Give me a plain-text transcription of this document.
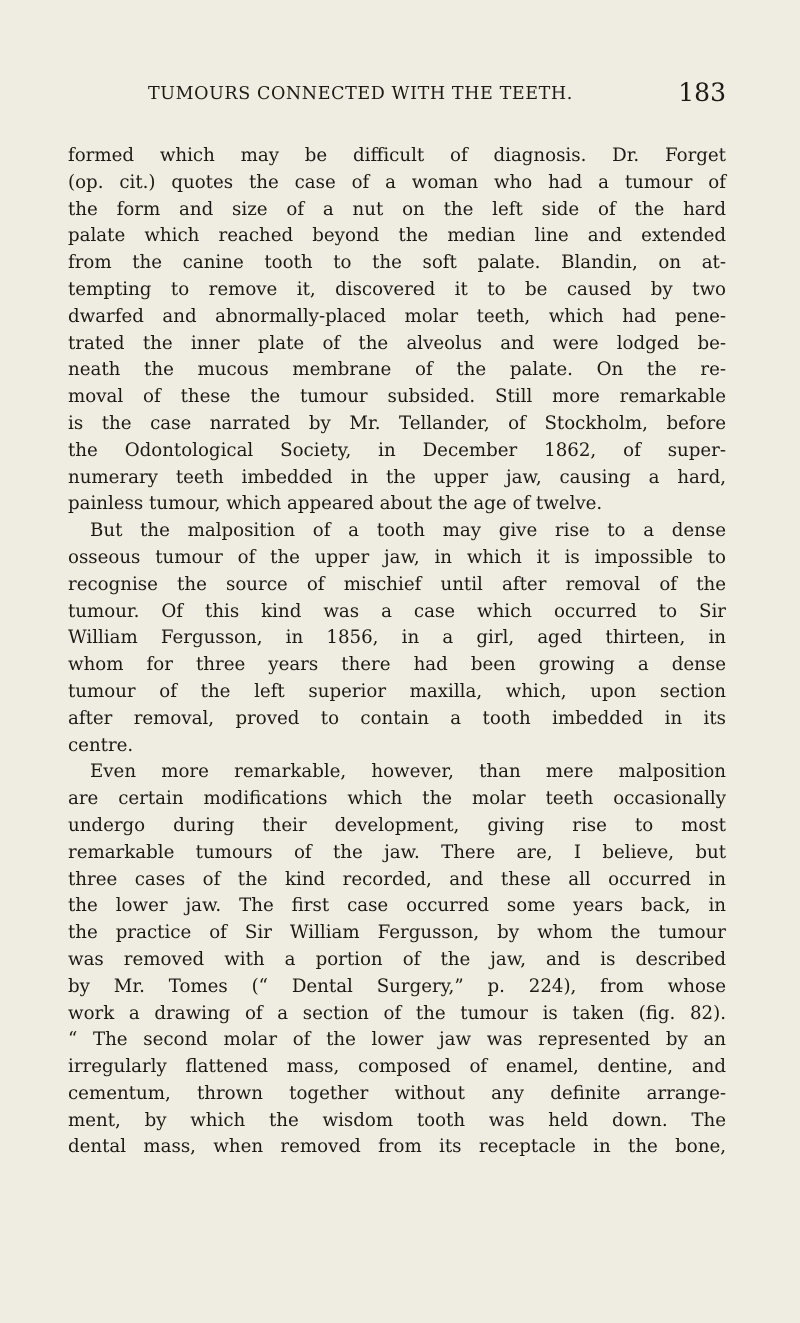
TUMOURS CONNECTED WITH THE TEETH.	183
formed which may be difficult of diagnosis. Dr. Forget
(op. cit.) quotes the case of a woman who had a tumour of
the form and size of a nut on the left side of the hard
palate which reached beyond the median line and extended
from the canine tooth to the soft palate. Blandin, on at-
tempting to remove it, discovered it to be caused by two
dwarfed and abnormally-placed molar teeth, which had pene-
trated the inner plate of the alveolus and were lodged be-
neath the mucous membrane of the palate. On the re-
moval of these the tumour subsided. Still more remarkable
is the case narrated by Mr. Tellander, of Stockholm, before
the Odontological Society, in December 1862, of super-
numerary teeth imbedded in the upper jaw, causing a hard,
painless tumour, which appeared about the age of twelve.
But the malposition of a tooth may give rise to a dense
osseous tumour of the upper jaw, in which it is impossible to
recognise the source of mischief until after removal of the
tumour. Of this kind was a case which occurred to Sir
William Fergusson, in 1856, in a girl, aged thirteen, in
whom for three years there had been growing a dense
tumour of the left superior maxilla, which, upon section
after removal, proved to contain a tooth imbedded in its
centre.
Even more remarkable, however, than mere malposition
are certain modifications which the molar teeth occasionally
undergo during their development, giving rise to most
remarkable tumours of the jaw. There are, I believe, but
three cases of the kind recorded, and these all occurred in
the lower jaw. The first case occurred some years back, in
the practice of Sir William Fergusson, by whom the tumour
was removed with a portion of the jaw, and is described
by Mr. Tomes (“ Dental Surgery,” p. 224), from whose
work a drawing of a section of the tumour is taken (fig. 82).
“ The second molar of the lower jaw was represented by an
irregularly flattened mass, composed of enamel, dentine, and
cementum, thrown together without any definite arrange-
ment, by which the wisdom tooth was held down. The
dental mass, when removed from its receptacle in the bone,
